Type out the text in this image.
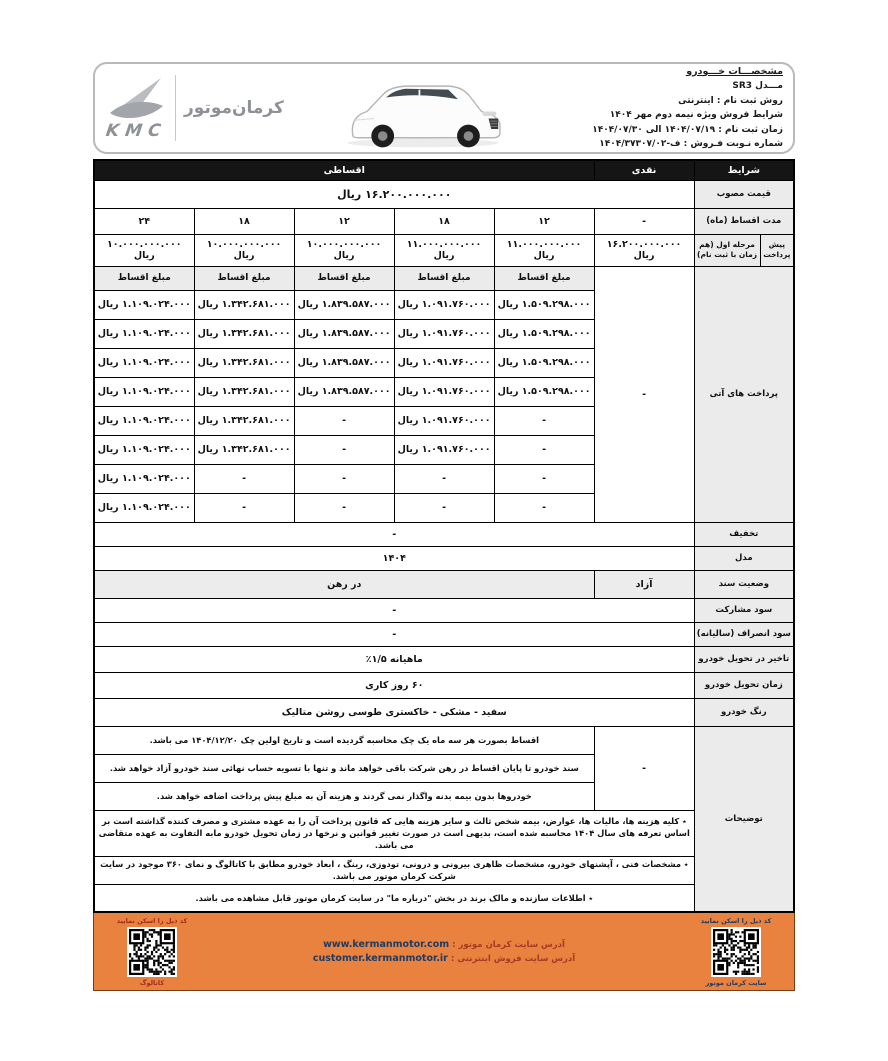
KMC
کرمان‌موتور
مشخصـــات خـــودرو
مـــدل SR3
روش ثبت نام : اینترنتی
شرایط فروش ویژه نیمه دوم مهر ۱۴۰۴
زمان ثبت نام : ۱۴۰۴/۰۷/۱۹ الی ۱۴۰۴/۰۷/۳۰
شماره نـوبت فـروش : ۱۴۰۴/۳۷۳ف-۰۷/۰۲
شرایط		نقدی	اقساطی				
قیمت مصوب		۱۶.۲۰۰.۰۰۰.۰۰۰ ریال					
مدت اقساط (ماه)		-	۱۲	۱۸	۱۲	۱۸	۲۴
پیش پرداخت	مرحله اول (هم زمان با ثبت نام)	۱۶.۲۰۰.۰۰۰.۰۰۰ ریال	۱۱.۰۰۰.۰۰۰.۰۰۰ ریال	۱۱.۰۰۰.۰۰۰.۰۰۰ ریال	۱۰.۰۰۰.۰۰۰.۰۰۰ ریال	۱۰.۰۰۰.۰۰۰.۰۰۰ ریال	۱۰.۰۰۰.۰۰۰.۰۰۰ ریال
پرداخت های آتی		-	مبلغ اقساط	مبلغ اقساط	مبلغ اقساط	مبلغ اقساط	مبلغ اقساط
			۱.۵۰۹.۲۹۸.۰۰۰ ریال	۱.۰۹۱.۷۶۰.۰۰۰ ریال	۱.۸۳۹.۵۸۷.۰۰۰ ریال	۱.۳۴۲.۶۸۱.۰۰۰ ریال	۱.۱۰۹.۰۲۴.۰۰۰ ریال
			۱.۵۰۹.۲۹۸.۰۰۰ ریال	۱.۰۹۱.۷۶۰.۰۰۰ ریال	۱.۸۳۹.۵۸۷.۰۰۰ ریال	۱.۳۴۲.۶۸۱.۰۰۰ ریال	۱.۱۰۹.۰۲۴.۰۰۰ ریال
			۱.۵۰۹.۲۹۸.۰۰۰ ریال	۱.۰۹۱.۷۶۰.۰۰۰ ریال	۱.۸۳۹.۵۸۷.۰۰۰ ریال	۱.۳۴۲.۶۸۱.۰۰۰ ریال	۱.۱۰۹.۰۲۴.۰۰۰ ریال
			۱.۵۰۹.۲۹۸.۰۰۰ ریال	۱.۰۹۱.۷۶۰.۰۰۰ ریال	۱.۸۳۹.۵۸۷.۰۰۰ ریال	۱.۳۴۲.۶۸۱.۰۰۰ ریال	۱.۱۰۹.۰۲۴.۰۰۰ ریال
			-	۱.۰۹۱.۷۶۰.۰۰۰ ریال	-	۱.۳۴۲.۶۸۱.۰۰۰ ریال	۱.۱۰۹.۰۲۴.۰۰۰ ریال
			-	۱.۰۹۱.۷۶۰.۰۰۰ ریال	-	۱.۳۴۲.۶۸۱.۰۰۰ ریال	۱.۱۰۹.۰۲۴.۰۰۰ ریال
			-	-	-	-	۱.۱۰۹.۰۲۴.۰۰۰ ریال
			-	-	-	-	۱.۱۰۹.۰۲۴.۰۰۰ ریال
تخفیف		-					
مدل		۱۴۰۴					
وضعیت سند		آزاد	در رهن				
سود مشارکت		-					
سود انصراف (سالیانه)		-					
تاخیر در تحویل خودرو		٪۱/۵ ماهیانه					
زمان تحویل خودرو		۶۰ روز کاری					
رنگ خودرو		سفید - مشکی - خاکستری طوسی روشن متالیک					
توضیحات		-	اقساط بصورت هر سه ماه یک چک محاسبه گردیده است و تاریخ اولین چک ۱۴۰۴/۱۲/۲۰ می باشد.				
			سند خودرو تا پایان اقساط در رهن شرکت باقی خواهد ماند و تنها با تسویه حساب نهائی سند خودرو آزاد خواهد شد.				
			خودروها بدون بیمه بدنه واگذار نمی گردند و هزینه آن به مبلغ پیش پرداخت اضافه خواهد شد.				
		٭ کلیه هزینه ها، مالیات ها، عوارض، بیمه شخص ثالث و سایر هزینه هایی که قانون پرداخت آن را به عهده مشتری و مصرف کننده گذاشته است بر اساس تعرفه های سال ۱۴۰۴ محاسبه شده است، بدیهی است در صورت تغییر قوانین و نرخها در زمان تحویل خودرو مابه التفاوت به عهده متقاضی می باشد.					
		٭ مشخصات فنی ، آپشنهای خودرو، مشخصات ظاهری بیرونی و درونی، تودوزی، رینگ ، ابعاد خودرو مطابق با کاتالوگ و نمای ۳۶۰ موجود در سایت شرکت کرمان موتور می باشد.					
		٭ اطلاعات سازنده و مالک برند در بخش "درباره ما" در سایت کرمان موتور قابل مشاهده می باشد.					
کد ذیل را اسکن نمایید
سایت کرمان موتور
آدرس سایت کرمان موتور : www.kermanmotor.com
آدرس سایت فروش اینترنتی : customer.kermanmotor.ir
کد ذیل را اسکن نمایید
کاتالوگ
